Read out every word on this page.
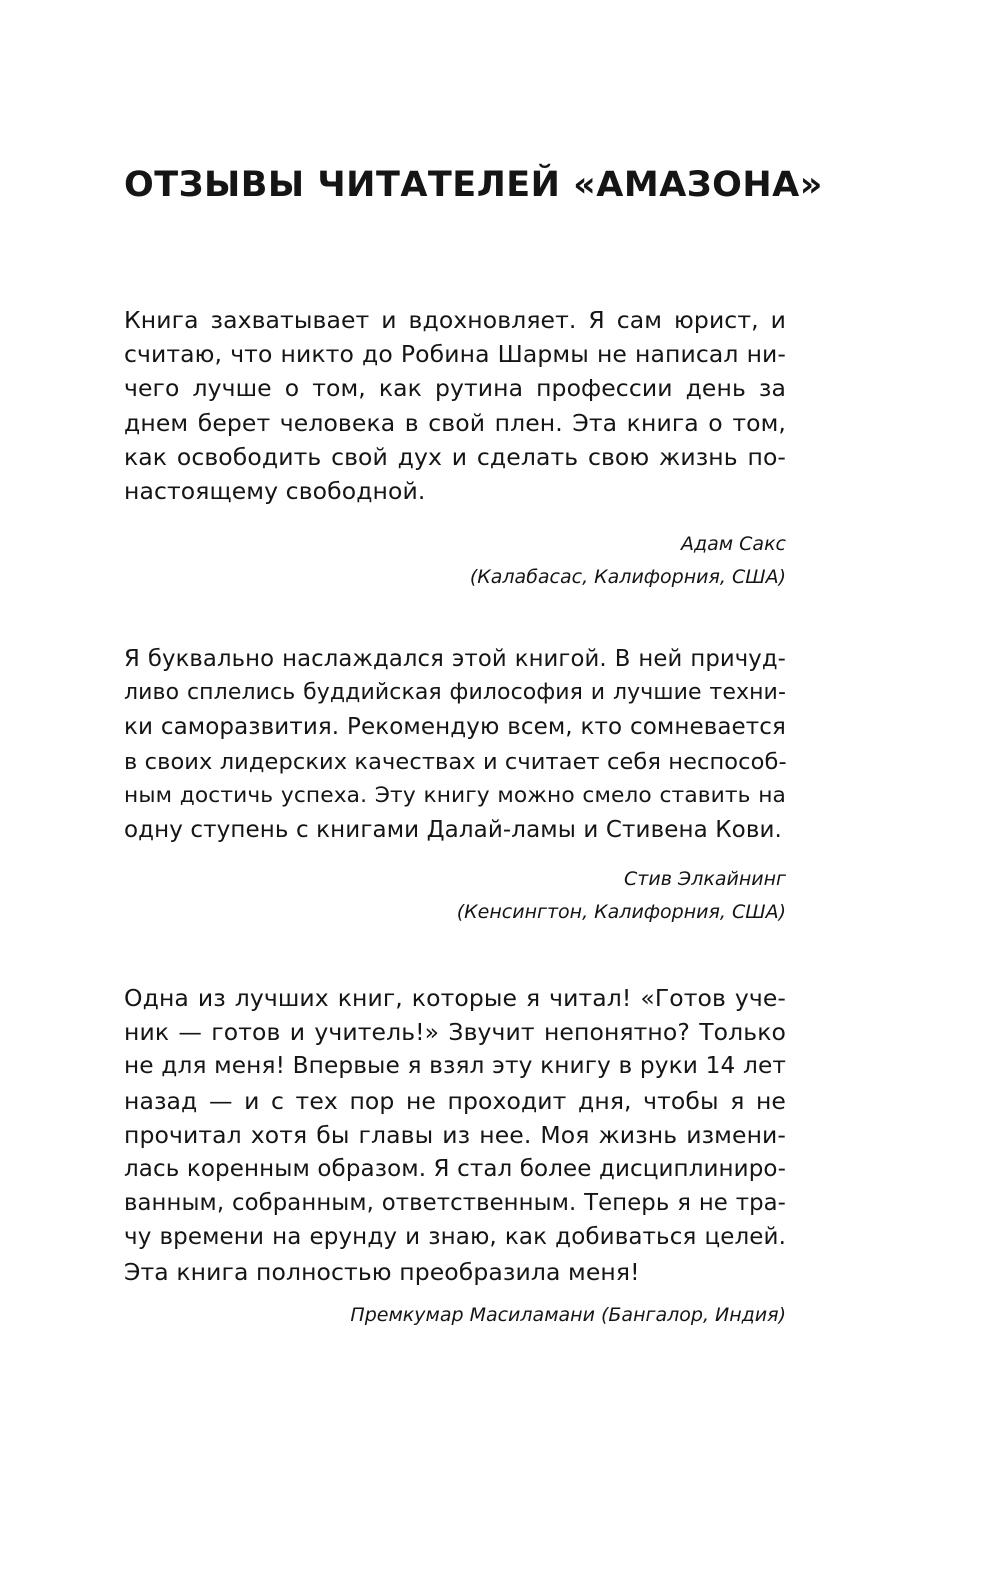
ОТЗЫВЫ ЧИТАТЕЛЕЙ «АМАЗОНА»
Книга захватывает и вдохновляет. Я сам юрист, и
считаю, что никто до Робина Шармы не написал ни-
чего лучше о том, как рутина профессии день за
днем берет человека в свой плен. Эта книга о том,
как освободить свой дух и сделать свою жизнь по-
настоящему свободной.
Адам Сакс
(Калабасас, Калифорния, США)
Я буквально наслаждался этой книгой. В ней причуд-
ливо сплелись буддийская философия и лучшие техни-
ки саморазвития. Рекомендую всем, кто сомневается
в своих лидерских качествах и считает себя неспособ-
ным достичь успеха. Эту книгу можно смело ставить на
одну ступень с книгами Далай-ламы и Стивена Кови.
Стив Элкайнинг
(Кенсингтон, Калифорния, США)
Одна из лучших книг, которые я читал! «Готов уче-
ник — готов и учитель!» Звучит непонятно? Только
не для меня! Впервые я взял эту книгу в руки 14 лет
назад — и с тех пор не проходит дня, чтобы я не
прочитал хотя бы главы из нее. Моя жизнь измени-
лась коренным образом. Я стал более дисциплиниро-
ванным, собранным, ответственным. Теперь я не тра-
чу времени на ерунду и знаю, как добиваться целей.
Эта книга полностью преобразила меня!
Премкумар Масиламани (Бангалор, Индия)
